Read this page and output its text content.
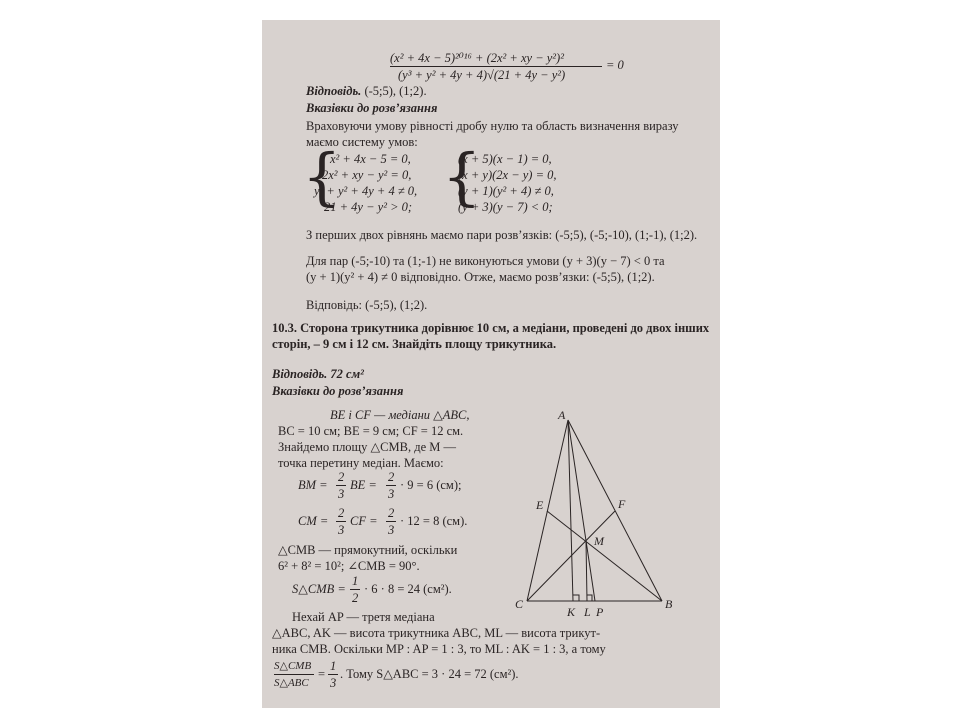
(x² + 4x − 5)²⁰¹⁶ + (2x² + xy − y²)²
(y³ + y² + 4y + 4)√(21 + 4y − y²)
= 0
Відповідь. (-5;5), (1;2).
Вказівки до розв’язання
Враховуючи умову рівності дробу нулю та область визначення виразу
маємо систему умов:
{
x² + 4x − 5 = 0,
2x² + xy − y² = 0,
y³ + y² + 4y + 4 ≠ 0,
21 + 4y − y² > 0; {
(x + 5)(x − 1) = 0,
(x + y)(2x − y) = 0,
(y + 1)(y² + 4) ≠ 0,
(y + 3)(y − 7) < 0;
З перших двох рівнянь маємо пари розв’язків: (-5;5), (-5;-10), (1;-1), (1;2).
Для пар (-5;-10) та (1;-1) не виконуються умови (y + 3)(y − 7) < 0 та
(y + 1)(y² + 4) ≠ 0 відповідно. Отже, маємо розв’язки: (-5;5), (1;2).
Відповідь: (-5;5), (1;2).
10.3. Сторона трикутника дорівнює 10 см, а медіани, проведені до двох інших
сторін, – 9 см і 12 см. Знайдіть площу трикутника.
Відповідь. 72 см²
Вказівки до розв’язання
BE і CF — медіани △ABC,
BC = 10 см; BE = 9 см; CF = 12 см.
Знайдемо площу △CMB, де M —
точка перетину медіан. Маємо:
BM =
2
3
BE =
2
3
· 9 = 6 (см);
CM =
2
3
CF =
2
3
· 12 = 8 (см).
△CMB — прямокутний, оскільки
6² + 8² = 10²; ∠CMB = 90°.
S△CMB =
1
2
· 6 · 8 = 24 (см²).
Нехай AP — третя медіана
△ABC, AK — висота трикутника ABC, ML — висота трикут-
ника CMB. Оскільки MP : AP = 1 : 3, то ML : AK = 1 : 3, а тому
S△CMB
S△ABC
=
1
3
. Тому S△ABC = 3 · 24 = 72 (см²).
A
B
C
E	F
M
K L P
